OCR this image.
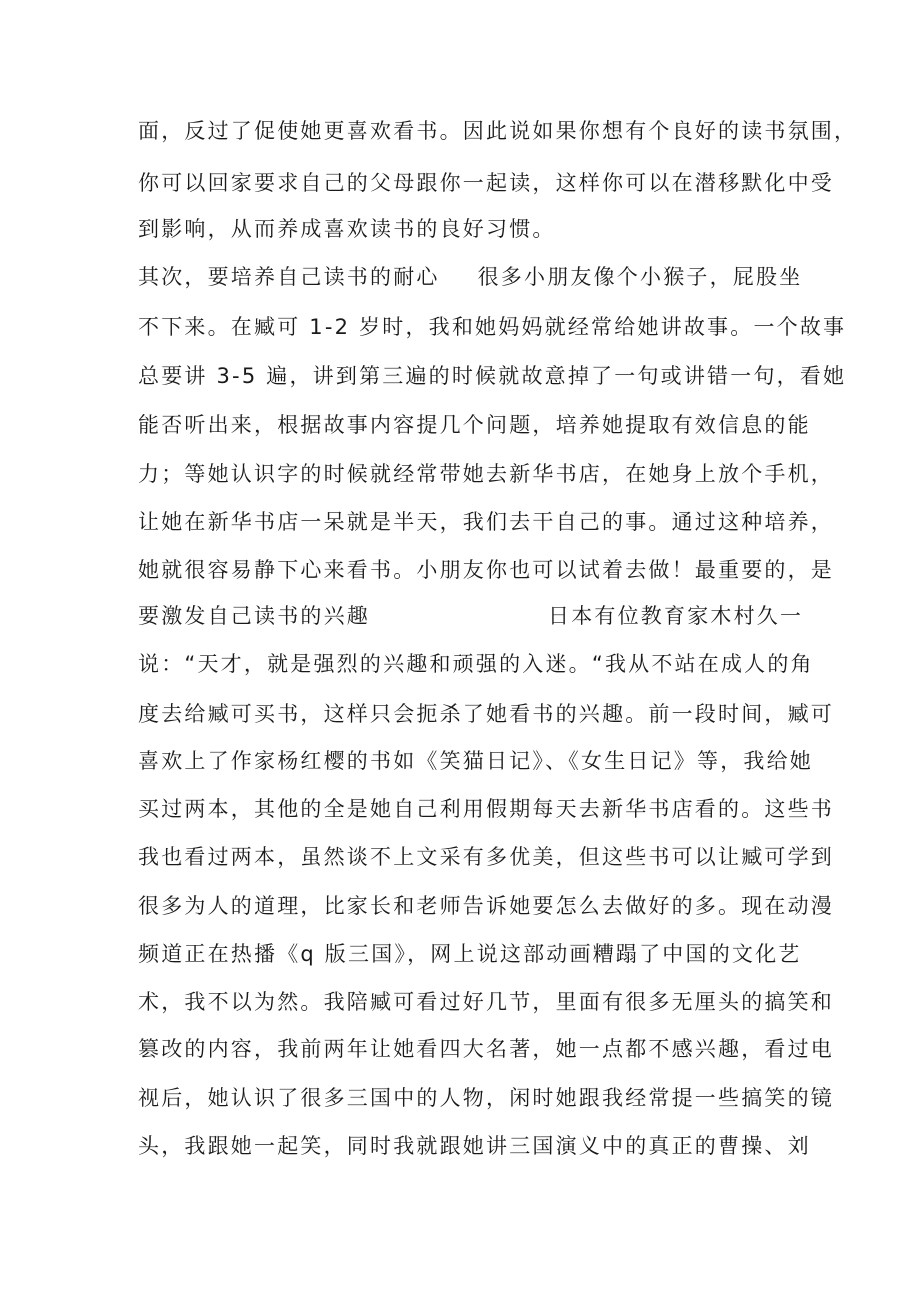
面，反过了促使她更喜欢看书。因此说如果你想有个良好的读书氛围，
你可以回家要求自己的父母跟你一起读，这样你可以在潜移默化中受
到影响，从而养成喜欢读书的良好习惯。
其次，要培养自己读书的耐心 很多小朋友像个小猴子，屁股坐
不下来。在臧可 1-2 岁时，我和她妈妈就经常给她讲故事。一个故事
总要讲 3-5 遍，讲到第三遍的时候就故意掉了一句或讲错一句，看她
能否听出来，根据故事内容提几个问题，培养她提取有效信息的能
力；等她认识字的时候就经常带她去新华书店，在她身上放个手机，
让她在新华书店一呆就是半天，我们去干自己的事。通过这种培养，
她就很容易静下心来看书。小朋友你也可以试着去做！最重要的，是
要激发自己读书的兴趣	日本有位教育家木村久一
说：“天才，就是强烈的兴趣和顽强的入迷。“我从不站在成人的角
度去给臧可买书，这样只会扼杀了她看书的兴趣。前一段时间，臧可
喜欢上了作家杨红樱的书如《笑猫日记》、《女生日记》等，我给她
买过两本，其他的全是她自己利用假期每天去新华书店看的。这些书
我也看过两本，虽然谈不上文采有多优美，但这些书可以让臧可学到
很多为人的道理，比家长和老师告诉她要怎么去做好的多。现在动漫
频道正在热播《q 版三国》，网上说这部动画糟蹋了中国的文化艺
术，我不以为然。我陪臧可看过好几节，里面有很多无厘头的搞笑和
篡改的内容，我前两年让她看四大名著，她一点都不感兴趣，看过电
视后，她认识了很多三国中的人物，闲时她跟我经常提一些搞笑的镜
头，我跟她一起笑，同时我就跟她讲三国演义中的真正的曹操、刘
